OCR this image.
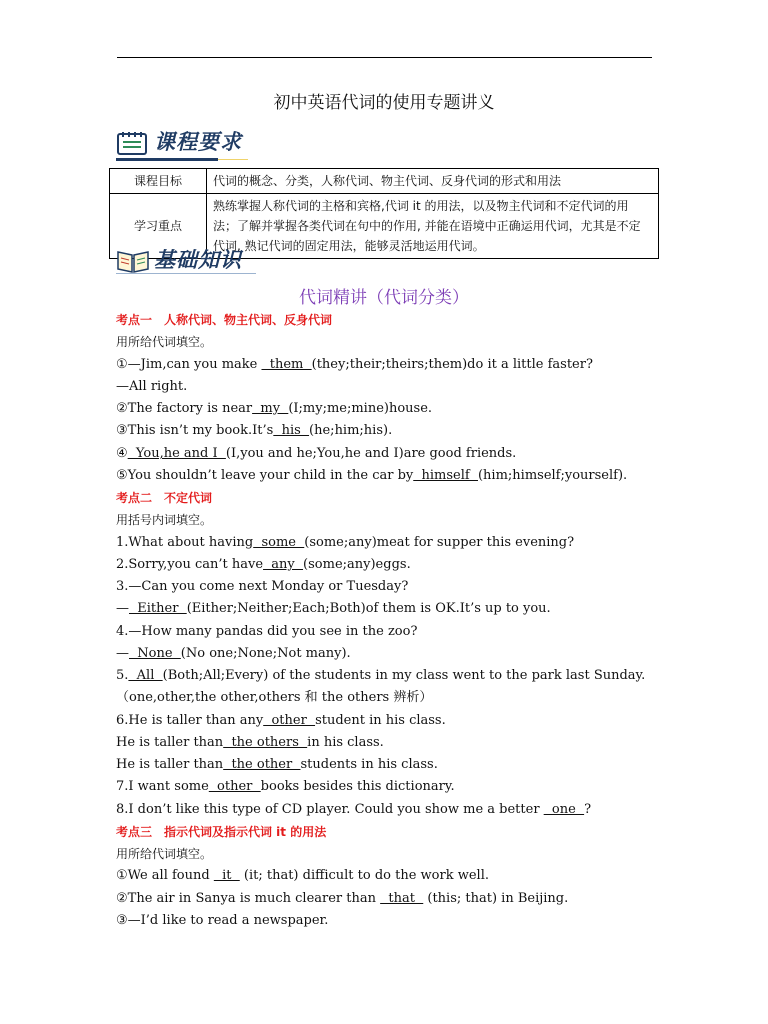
初中英语代词的使用专题讲义
课程要求
课程目标	代词的概念、分类，人称代词、物主代词、反身代词的形式和用法
学习重点	熟练掌握人称代词的主格和宾格,代词 it 的用法，以及物主代词和不定代词的用法；了解并掌握各类代词在句中的作用, 并能在语境中正确运用代词，尤其是不定代词, 熟记代词的固定用法，能够灵活地运用代词。
基础知识
代词精讲（代词分类）
考点一　人称代词、物主代词、反身代词
用所给代词填空。
①—Jim,can you make   them  (they;their;theirs;them)do it a little faster?
—All right.
②The factory is near  my  (I;my;me;mine)house.
③This isn’t my book.It’s  his  (he;him;his).
④  You,he and I  (I,you and he;You,he and I)are good friends.
⑤You shouldn’t leave your child in the car by  himself  (him;himself;yourself).
考点二　不定代词
用括号内词填空。
1.What about having  some  (some;any)meat for supper this evening?
2.Sorry,you can’t have  any  (some;any)eggs.
3.—Can you come next Monday or Tuesday?
—  Either  (Either;Neither;Each;Both)of them is OK.It’s up to you.
4.—How many pandas did you see in the zoo?
—  None  (No one;None;Not many).
5.  All  (Both;All;Every) of the students in my class went to the park last Sunday.
（one,other,the other,others 和 the others 辨析）
6.He is taller than any  other  student in his class.
He is taller than  the others  in his class.
He is taller than  the other  students in his class.
7.I want some  other  books besides this dictionary.
8.I don’t like this type of CD player. Could you show me a better   one  ?
考点三　指示代词及指示代词 it 的用法
用所给代词填空。
①We all found   it   (it; that) difficult to do the work well.
②The air in Sanya is much clearer than   that   (this; that) in Beijing.
③—I’d like to read a newspaper.
